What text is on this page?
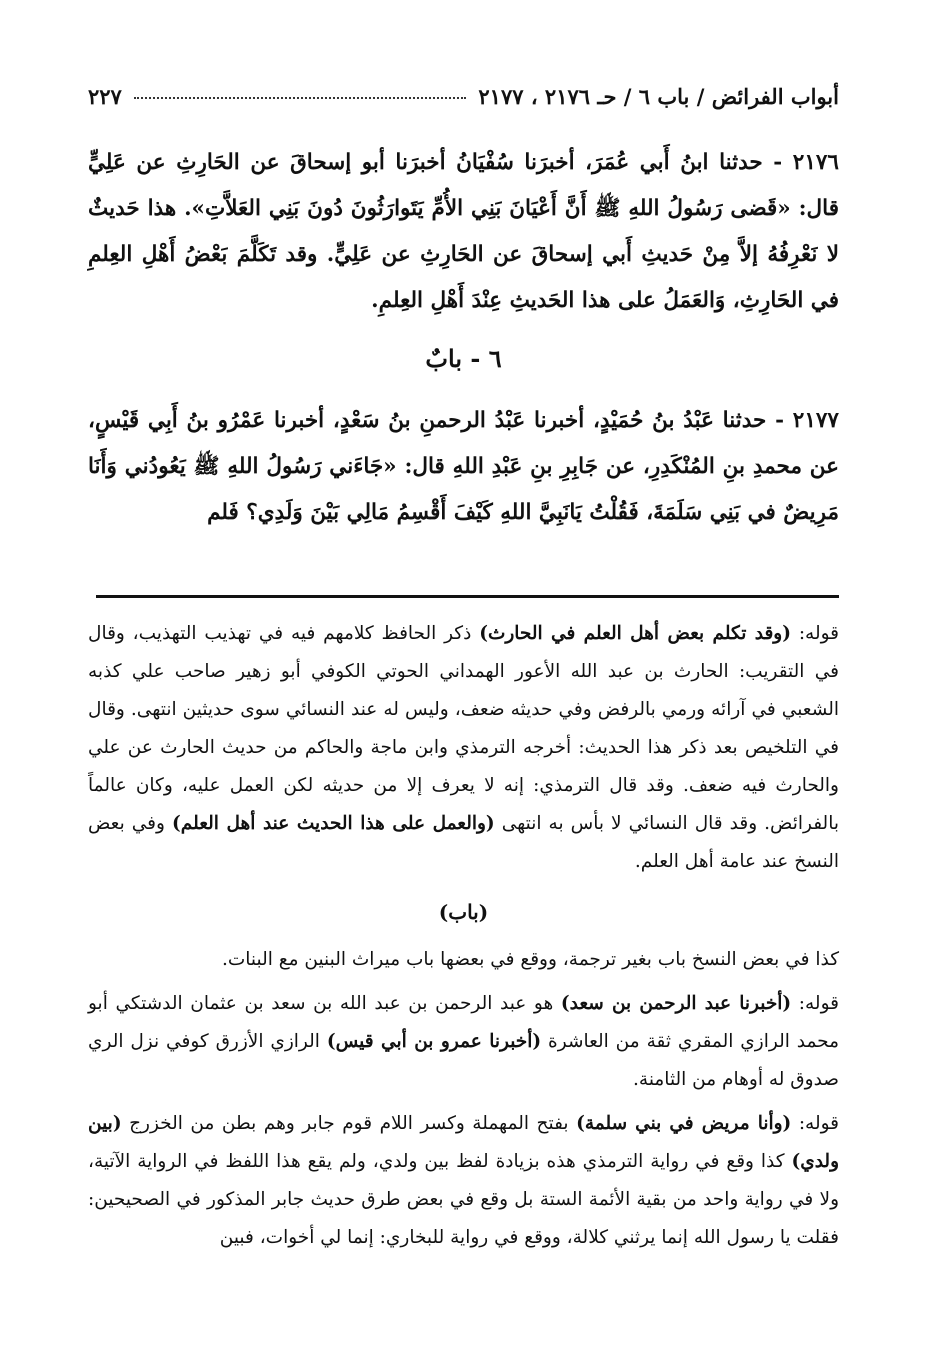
أبواب الفرائض / باب ٦ / حـ ٢١٧٦ ، ٢١٧٧
٢٢٧

٢١٧٦ - حدثنا ابنُ أَبي عُمَرَ، أخبرَنا سُفْيَانُ أخبرَنا أبو إسحاقَ عن الحَارِثِ عن عَلِيٍّ قال: «قَضى رَسُولُ اللهِ ﷺ أَنَّ أَعْيَانَ بَنِي الأُمِّ يَتَوارَثُونَ دُونَ بَنِي العَلاَّتِ». هذا حَديثٌ لا نَعْرِفُهُ إلاَّ مِنْ حَديثِ أَبي إسحاقَ عن الحَارِثِ عن عَلِيٍّ. وقد تَكَلَّمَ بَعْضُ أَهْلِ العِلمِ في الحَارِثِ، وَالعَمَلُ على هذا الحَديثِ عِنْدَ أَهْلِ العِلمِ.

٦ - بابٌ

٢١٧٧ - حدثنا عَبْدُ بنُ حُمَيْدٍ، أخبرنا عَبْدُ الرحمنِ بنُ سَعْدٍ، أخبرنا عَمْرُو بنُ أَبِي قَيْسٍ، عن محمدِ بنِ المُنْكَدِرِ، عن جَابِرِ بنِ عَبْدِ اللهِ قال: «جَاءَني رَسُولُ اللهِ ﷺ يَعُودُني وَأَنَا مَرِيضٌ في بَنِي سَلَمَةَ، فَقُلْتُ يَانَبِيَّ اللهِ كَيْفَ أَقْسِمُ مَالِي بَيْنَ وَلَدِي؟ فَلم

قوله: (وقد تكلم بعض أهل العلم في الحارث) ذكر الحافظ كلامهم فيه في تهذيب التهذيب، وقال في التقريب: الحارث بن عبد الله الأعور الهمداني الحوتي الكوفي أبو زهير صاحب علي كذبه الشعبي في آرائه ورمي بالرفض وفي حديثه ضعف، وليس له عند النسائي سوى حديثين انتهى. وقال في التلخيص بعد ذكر هذا الحديث: أخرجه الترمذي وابن ماجة والحاكم من حديث الحارث عن علي والحارث فيه ضعف. وقد قال الترمذي: إنه لا يعرف إلا من حديثه لكن العمل عليه، وكان عالماً بالفرائض. وقد قال النسائي لا بأس به انتهى (والعمل على هذا الحديث عند أهل العلم) وفي بعض النسخ عند عامة أهل العلم.

(باب)

كذا في بعض النسخ باب بغير ترجمة، ووقع في بعضها باب ميراث البنين مع البنات.

قوله: (أخبرنا عبد الرحمن بن سعد) هو عبد الرحمن بن عبد الله بن سعد بن عثمان الدشتكي أبو محمد الرازي المقري ثقة من العاشرة (أخبرنا عمرو بن أبي قيس) الرازي الأزرق كوفي نزل الري صدوق له أوهام من الثامنة.

قوله: (وأنا مريض في بني سلمة) بفتح المهملة وكسر اللام قوم جابر وهم بطن من الخزرج (بين ولدي) كذا وقع في رواية الترمذي هذه بزيادة لفظ بين ولدي، ولم يقع هذا اللفظ في الرواية الآتية، ولا في رواية واحد من بقية الأئمة الستة بل وقع في بعض طرق حديث جابر المذكور في الصحيحين: فقلت يا رسول الله إنما يرثني كلالة، ووقع في رواية للبخاري: إنما لي أخوات، فبين
